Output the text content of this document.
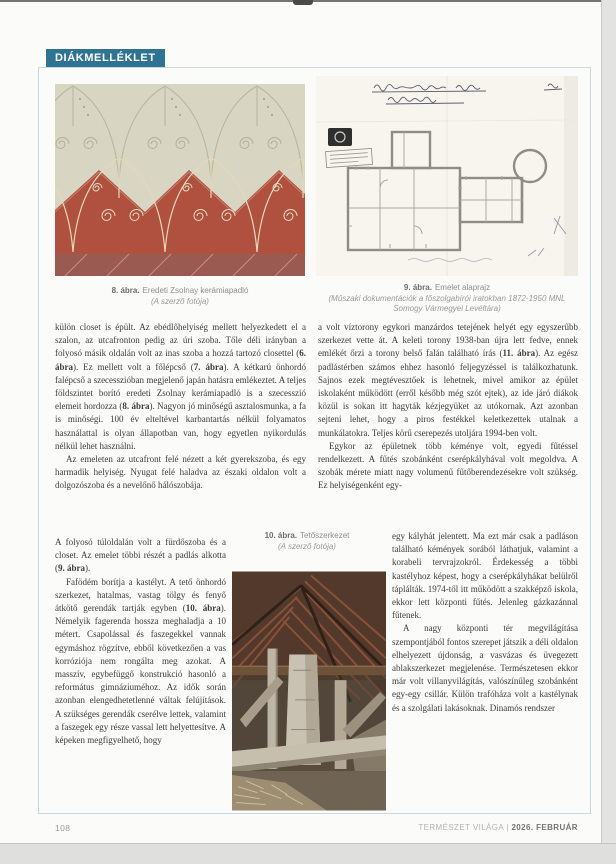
DIÁKMELLÉKLET
8. ábra. Eredeti Zsolnay kerámiapadló
(A szerző fotója)
9. ábra. Emelet alaprajz
(Műszaki dokumentációk a főszolgabírói iratokban 1872-1950 MNL Somogy Vármegyei Levéltára)

külön closet is épült. Az ebédlőhelyiség mellett helyezkedett el a szalon, az utcafronton pedig az úri szoba. Tőle déli irányban a folyosó másik oldalán volt az inas szoba a hozzá tartozó closettel (6. ábra). Ez mellett volt a főlépcső (7. ábra). A kétkarú önhordó falépcső a szecesszióban megjelenő japán hatásra emlékeztet. A teljes földszintet borító eredeti Zsolnay kerámiapadló is a szecesszió elemeit hordozza (8. ábra). Nagyon jó minőségű asztalosmunka, a fa is minőségi. 100 év elteltével karbantartás nélkül folyamatos használattal is olyan állapotban van, hogy egyetlen nyikordulás nélkül lehet használni.

Az emeleten az utcafront felé nézett a két gyerekszoba, és egy harmadik helyiség. Nyugat felé haladva az északi oldalon volt a dolgozószoba és a nevelőnő hálószobája.

A folyosó túloldalán volt a fürdőszoba és a closet. Az emelet többi részét a padlás alkotta (9. ábra).

Fafödém borítja a kastélyt. A tető önhordó szerkezet, hatalmas, vastag tölgy és fenyő átkötő gerendák tartják egyben (10. ábra). Némelyik fagerenda hossza meghaladja a 10 métert. Csapolással és faszegekkel vannak egymáshoz rögzítve, ebből következően a vas korróziója nem rongálta meg azokat. A masszív, egybefüggő konstrukció hasonló a református gimnáziuméhoz. Az idők során azonban elengedhetetlenné váltak felújítások. A szükséges gerendák cserélve lettek, valamint a faszegek egy része vassal lett helyettesítve. A képeken megfigyelhető, hogy

a volt víztorony egykori manzárdos tetejének helyét egy egyszerűbb szerkezet vette át. A keleti torony 1938-ban újra lett fedve, ennek emlékét őrzi a torony belső falán található írás (11. ábra). Az egész padlástérben számos ehhez hasonló feljegyzéssel is találkozhatunk. Sajnos ezek megtévesztőek is lehetnek, mivel amikor az épület iskolaként működött (erről később még szót ejtek), az ide járó diákok közül is sokan itt hagyták kézjegyüket az utókornak. Azt azonban sejteni lehet, hogy a piros festékkel keletkezettek utalnak a munkálatokra. Teljes körű cserepezés utoljára 1994-ben volt.

Egykor az épületnek több kéménye volt, egyedi fűtéssel rendelkezett. A fűtés szobánként cserépkályhával volt megoldva. A szobák mérete miatt nagy volumenű fűtőberendezésekre volt szükség. Ez helyiségenként egy-

egy kályhát jelentett. Ma ezt már csak a padláson található kémények sorából láthatjuk, valamint a korabeli tervrajzokról. Érdekesség a többi kastélyhoz képest, hogy a cserépkályhákat belülről táplálták. 1974-től itt működött a szakképző iskola, ekkor lett központi fűtés. Jelenleg gázkazánnal fűtenek.

A nagy központi tér megvilágítása szempontjából fontos szerepet játszik a déli oldalon elhelyezett újdonság, a vasvázas és üvegezett ablakszerkezet megjelenése. Természetesen ekkor már volt villanyvilágítás, valószínűleg szobánként egy-egy csillár. Külön trafóháza volt a kastélynak és a szolgálati lakásoknak. Dinamós rendszer

10. ábra. Tetőszerkezet
(A szerző fotója)
108	TERMÉSZET VILÁGA | 2026. FEBRUÁR
